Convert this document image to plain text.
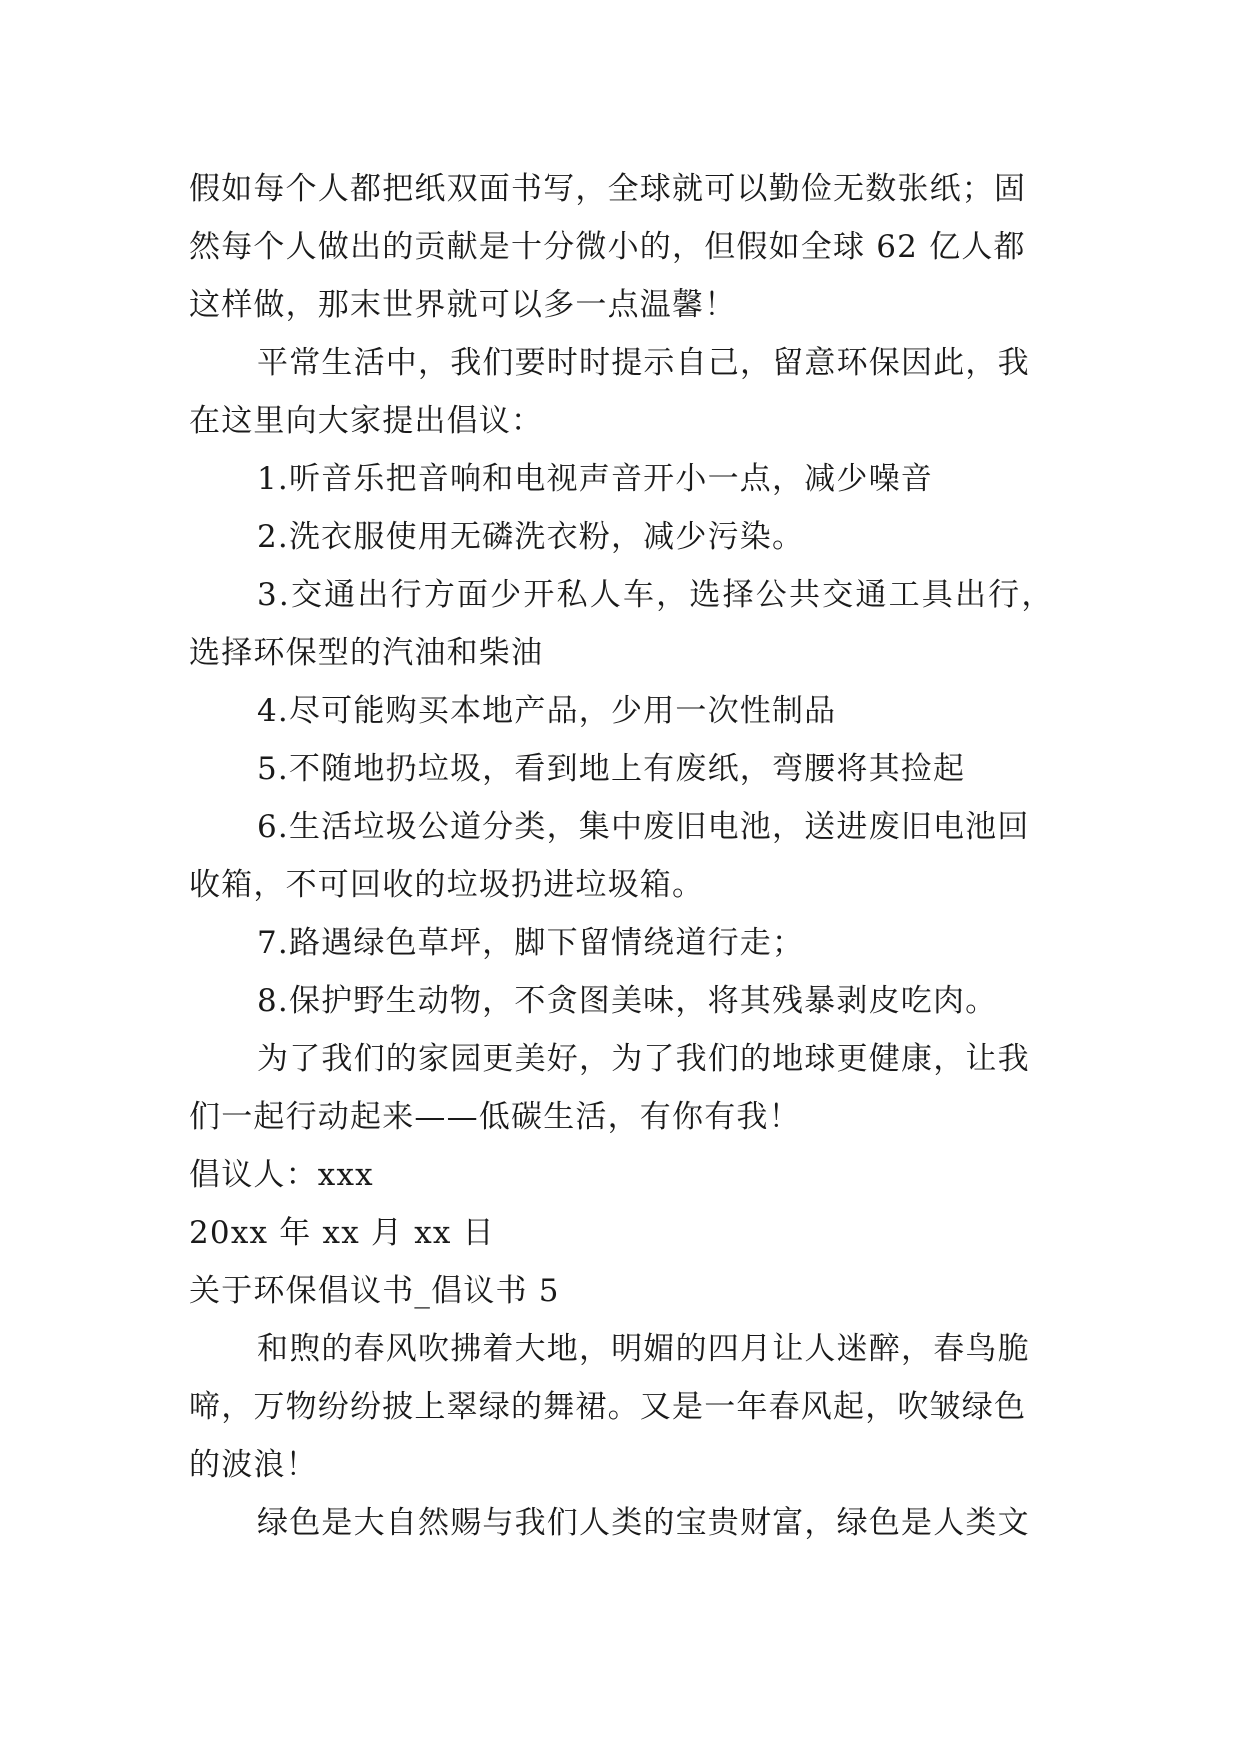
假如每个人都把纸双面书写，全球就可以勤俭无数张纸；固
然每个人做出的贡献是十分微小的，但假如全球 62 亿人都
这样做，那末世界就可以多一点温馨！
平常生活中，我们要时时提示自己，留意环保因此，我
在这里向大家提出倡议：
1.听音乐把音响和电视声音开小一点，减少噪音
2.洗衣服使用无磷洗衣粉，减少污染。
3.交通出行方面少开私人车，选择公共交通工具出行，
选择环保型的汽油和柴油
4.尽可能购买本地产品，少用一次性制品
5.不随地扔垃圾，看到地上有废纸，弯腰将其捡起
6.生活垃圾公道分类，集中废旧电池，送进废旧电池回
收箱，不可回收的垃圾扔进垃圾箱。
7.路遇绿色草坪，脚下留情绕道行走；
8.保护野生动物，不贪图美味，将其残暴剥皮吃肉。
为了我们的家园更美好，为了我们的地球更健康，让我
们一起行动起来——低碳生活，有你有我！
倡议人：xxx
20xx 年 xx 月 xx 日
关于环保倡议书_倡议书 5
和煦的春风吹拂着大地，明媚的四月让人迷醉，春鸟脆
啼，万物纷纷披上翠绿的舞裙。又是一年春风起，吹皱绿色
的波浪！
绿色是大自然赐与我们人类的宝贵财富，绿色是人类文
